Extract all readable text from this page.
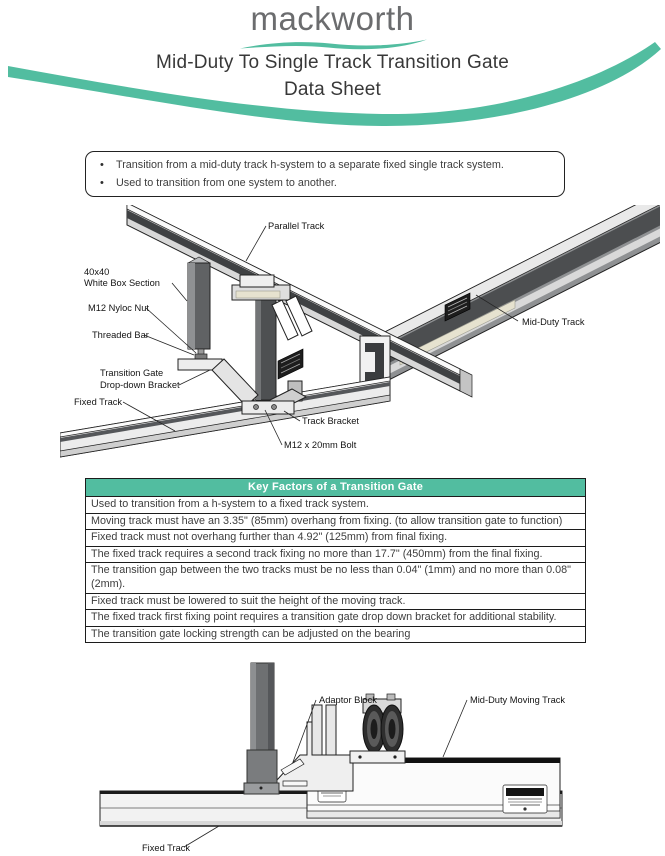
mackworth
Mid-Duty To Single Track Transition Gate
Data Sheet
•	Transition from a mid-duty track h-system to a separate fixed single track system.
•	Used to transition from one system to another.
Parallel Track
40x40
White Box Section
M12 Nyloc Nut
Threaded Bar
Transition Gate
Drop-down Bracket
Fixed Track
Track Bracket
M12 x 20mm Bolt
Mid-Duty Track
Key Factors of a Transition Gate
Used to transition from a h-system to a fixed track system.
Moving track must have an 3.35" (85mm) overhang from fixing. (to allow transition gate to function)
Fixed track must not overhang further than 4.92" (125mm) from final fixing.
The fixed track requires a second track fixing no more than 17.7" (450mm) from the final fixing.
The transition gap between the two tracks must be no less than 0.04" (1mm) and no more than 0.08" (2mm).
Fixed track must be lowered to suit the height of the moving track.
The fixed track first fixing point requires a transition gate drop down bracket for additional stability.
The transition gate locking strength can be adjusted on the bearing
Adaptor Block	Mid-Duty Moving Track
Fixed Track
